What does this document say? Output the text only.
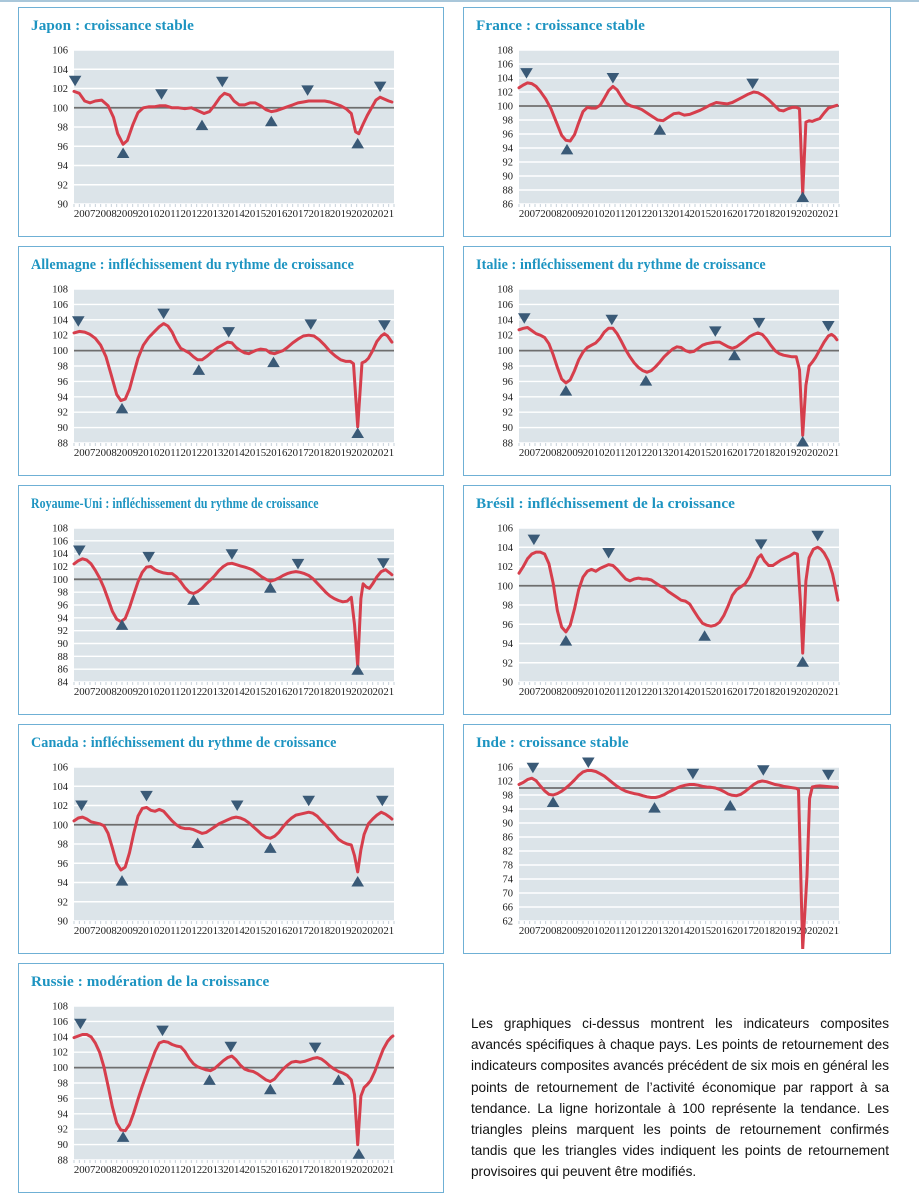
Japon : croissance stable
90
92
94
96
98
100
102
104
106
2007 2008 2009 2010 2011 2012 2013 2014 2015 2016 2017 2018 2019 2020 2021
France : croissance stable
86
88
90
92
94
96
98
100
102
104
106
108
2007 2008 2009 2010 2011 2012 2013 2014 2015 2016 2017 2018 2019 2020 2021
Allemagne : infléchissement du rythme de croissance
88
90
92
94
96
98
100
102
104
106
108
2007 2008 2009 2010 2011 2012 2013 2014 2015 2016 2017 2018 2019 2020 2021
Italie : infléchissement du rythme de croissance
88
90
92
94
96
98
100
102
104
106
108
2007 2008 2009 2010 2011 2012 2013 2014 2015 2016 2017 2018 2019 2020 2021
Royaume-Uni : infléchissement du rythme de croissance
84
86
88
90
92
94
96
98
100
102
104
106
108
2007 2008 2009 2010 2011 2012 2013 2014 2015 2016 2017 2018 2019 2020 2021
Brésil : infléchissement de la croissance
90
92
94
96
98
100
102
104
106
2007 2008 2009 2010 2011 2012 2013 2014 2015 2016 2017 2018 2019 2020 2021
Canada : infléchissement du rythme de croissance
90
92
94
96
98
100
102
104
106
2007 2008 2009 2010 2011 2012 2013 2014 2015 2016 2017 2018 2019 2020 2021
Inde : croissance stable
62
66
70
74
78
82
86
90
94
98
102
106
2007 2008 2009 2010 2011 2012 2013 2014 2015 2016 2017 2018 2019 2020 2021
Russie : modération de la croissance
88
90
92
94
96
98
100
102
104
106
108
2007 2008 2009 2010 2011 2012 2013 2014 2015 2016 2017 2018 2019 2020 2021
Les graphiques ci-dessus montrent les indicateurs composites avancés spécifiques à chaque pays. Les points de retournement des indicateurs composites avancés précédent de six mois en général les points de retournement de l’activité économique par rapport à sa tendance. La ligne horizontale à 100 représente la tendance. Les triangles pleins marquent les points de retournement confirmés tandis que les triangles vides indiquent les points de retournement provisoires qui peuvent être modifiés.
